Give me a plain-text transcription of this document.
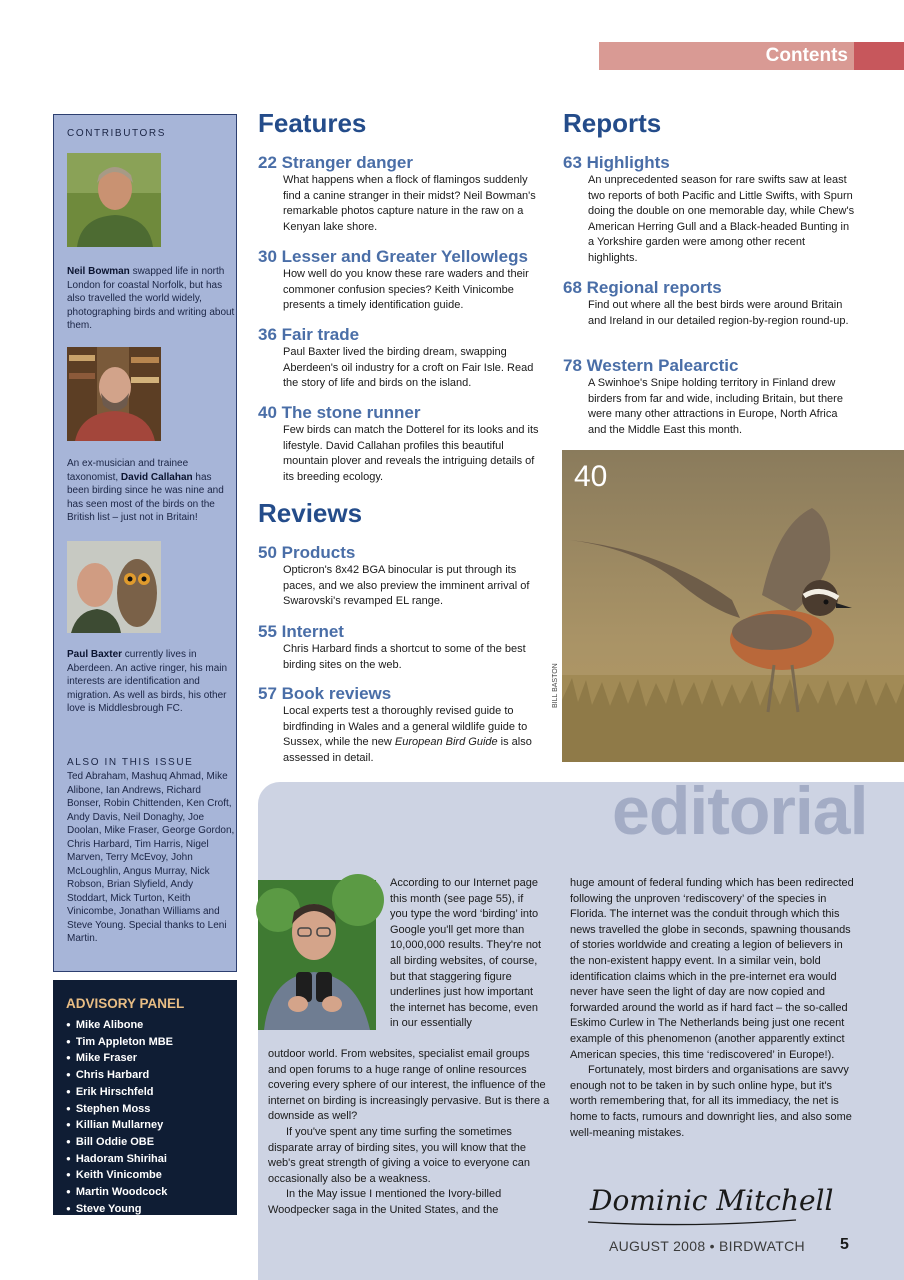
Contents
CONTRIBUTORS
Neil Bowman swapped life in north London for coastal Norfolk, but has also travelled the world widely, photographing birds and writing about them.
An ex-musician and trainee taxonomist, David Callahan has been birding since he was nine and has seen most of the birds on the British list – just not in Britain!
Paul Baxter currently lives in Aberdeen. An active ringer, his main interests are identification and migration. As well as birds, his other love is Middlesbrough FC.
ALSO IN THIS ISSUE
Ted Abraham, Mashuq Ahmad, Mike Alibone, Ian Andrews, Richard Bonser, Robin Chittenden, Ken Croft, Andy Davis, Neil Donaghy, Joe Doolan, Mike Fraser, George Gordon, Chris Harbard, Tim Harris, Nigel Marven, Terry McEvoy, John McLoughlin, Angus Murray, Nick Robson, Brian Slyfield, Andy Stoddart, Mick Turton, Keith Vinicombe, Jonathan Williams and Steve Young. Special thanks to Leni Martin.
ADVISORY PANEL
● Mike Alibone
● Tim Appleton MBE
● Mike Fraser
● Chris Harbard
● Erik Hirschfeld
● Stephen Moss
● Killian Mullarney
● Bill Oddie OBE
● Hadoram Shirihai
● Keith Vinicombe
● Martin Woodcock
● Steve Young
Features
22 Stranger danger
What happens when a flock of flamingos suddenly find a canine stranger in their midst? Neil Bowman's remarkable photos capture nature in the raw on a Kenyan lake shore.
30 Lesser and Greater Yellowlegs
How well do you know these rare waders and their commoner confusion species? Keith Vinicombe presents a timely identification guide.
36 Fair trade
Paul Baxter lived the birding dream, swapping Aberdeen's oil industry for a croft on Fair Isle. Read the story of life and birds on the island.
40 The stone runner
Few birds can match the Dotterel for its looks and its lifestyle. David Callahan profiles this beautiful mountain plover and reveals the intriguing details of its breeding ecology.
Reviews
50 Products
Opticron's 8x42 BGA binocular is put through its paces, and we also preview the imminent arrival of Swarovski's revamped EL range.
55 Internet
Chris Harbard finds a shortcut to some of the best birding sites on the web.
57 Book reviews
Local experts test a thoroughly revised guide to birdfinding in Wales and a general wildlife guide to Sussex, while the new European Bird Guide is also assessed in detail.
Reports
63 Highlights
An unprecedented season for rare swifts saw at least two reports of both Pacific and Little Swifts, with Spurn doing the double on one memorable day, while Chew's American Herring Gull and a Black-headed Bunting in a Yorkshire garden were among other recent highlights.
68 Regional reports
Find out where all the best birds were around Britain and Ireland in our detailed region-by-region round-up.
78 Western Palearctic
A Swinhoe's Snipe holding territory in Finland drew birders from far and wide, including Britain, but there were many other attractions in Europe, North Africa and the Middle East this month.
40
BILL BASTON
editorial

According to our Internet page this month (see page 55), if you type the word ‘birding’ into Google you'll get more than 10,000,000 results. They're not all birding websites, of course, but that staggering figure underlines just how important the internet has become, even in our essentially

outdoor world. From websites, specialist email groups and open forums to a huge range of online resources covering every sphere of our interest, the influence of the internet on birding is increasingly pervasive. But is there a downside as well?

If you've spent any time surfing the sometimes disparate array of birding sites, you will know that the web's great strength of giving a voice to everyone can occasionally also be a weakness.

In the May issue I mentioned the Ivory-billed Woodpecker saga in the United States, and the

huge amount of federal funding which has been redirected following the unproven ‘rediscovery’ of the species in Florida. The internet was the conduit through which this news travelled the globe in seconds, spawning thousands of stories worldwide and creating a legion of believers in the non-existent happy event. In a similar vein, bold identification claims which in the pre-internet era would never have seen the light of day are now copied and forwarded around the world as if hard fact – the so-called Eskimo Curlew in The Netherlands being just one recent example of this phenomenon (another apparently extinct American species, this time ‘rediscovered’ in Europe!).

Fortunately, most birders and organisations are savvy enough not to be taken in by such online hype, but it's worth remembering that, for all its immediacy, the net is home to facts, rumours and downright lies, and also some well-meaning mistakes.

Dominic Mitchell
AUGUST 2008 • BIRDWATCH 5
